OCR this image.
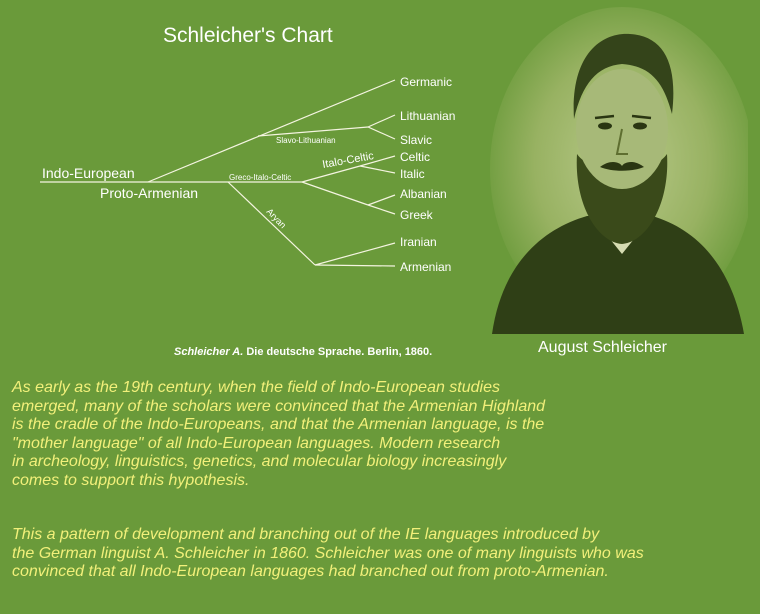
Schleicher's Chart
Indo-European
Proto-Armenian
Slavo-Lithuanian
Greco-Italo-Celtic
Italo-Celtic
Aryan
Germanic
Lithuanian
Slavic
Celtic
Italic
Albanian
Greek
Iranian
Armenian
Schleicher A. Die deutsche Sprache. Berlin, 1860.	August Schleicher

As early as the 19th century, when the field of Indo-European studies
emerged, many of the scholars were convinced that the Armenian Highland
is the cradle of the Indo-Europeans, and that the Armenian language, is the
"mother language" of all Indo-European languages. Modern research
in archeology, linguistics, genetics, and molecular biology increasingly
comes to support this hypothesis.

This a pattern of development and branching out of the IE languages introduced by
the German linguist A. Schleicher in 1860. Schleicher was one of many linguists who was
convinced that all Indo-European languages had branched out from proto-Armenian.
